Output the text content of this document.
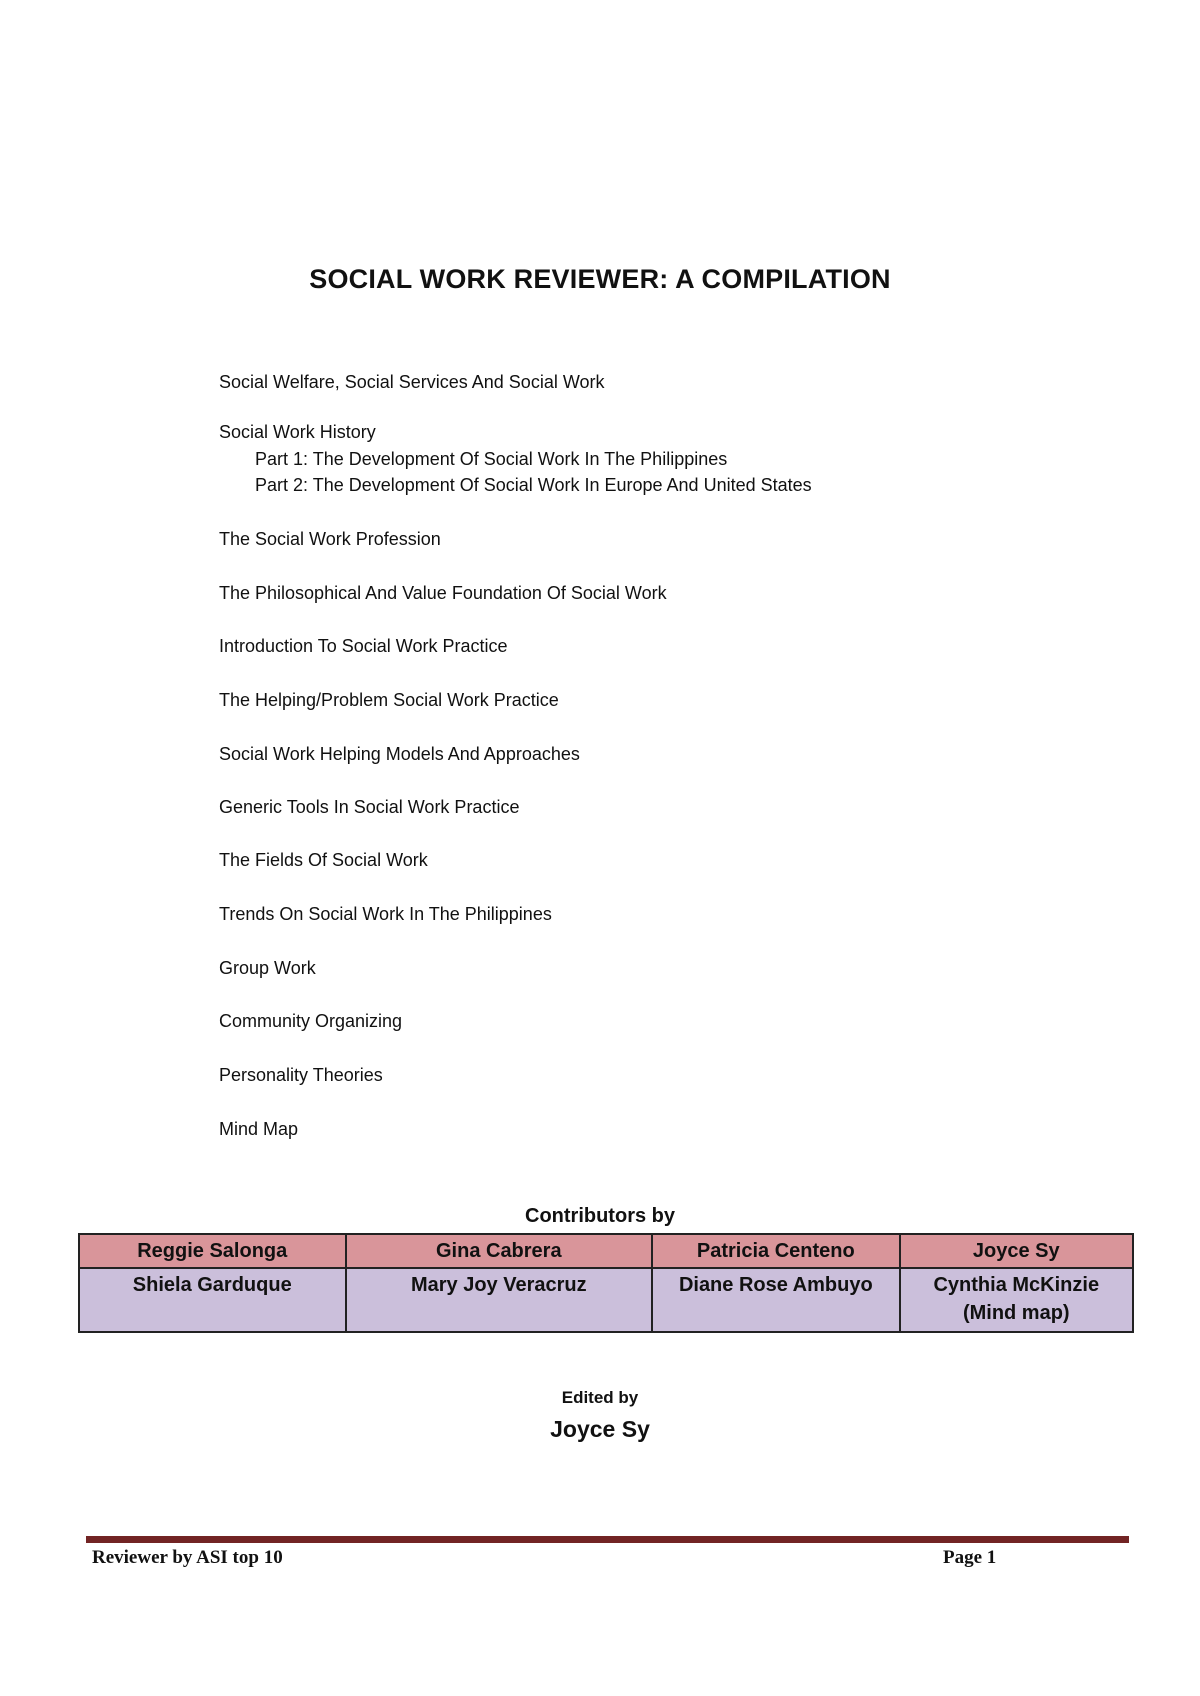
SOCIAL WORK REVIEWER: A COMPILATION
Social Welfare, Social Services And Social Work
Social Work History
Part 1: The Development Of Social Work In The Philippines
Part 2: The Development Of Social Work In Europe And United States
The Social Work Profession
The Philosophical And Value Foundation Of Social Work
Introduction To Social Work Practice
The Helping/Problem Social Work Practice
Social Work Helping Models And Approaches
Generic Tools In Social Work Practice
The Fields Of Social Work
Trends On Social Work In The Philippines
Group Work
Community Organizing
Personality Theories
Mind Map
Contributors by
Reggie Salonga	Gina Cabrera	Patricia Centeno	Joyce Sy
Shiela Garduque	Mary Joy Veracruz	Diane Rose Ambuyo	Cynthia McKinzie (Mind map)

Edited by

Joyce Sy

Reviewer by ASI top 10	Page 1
